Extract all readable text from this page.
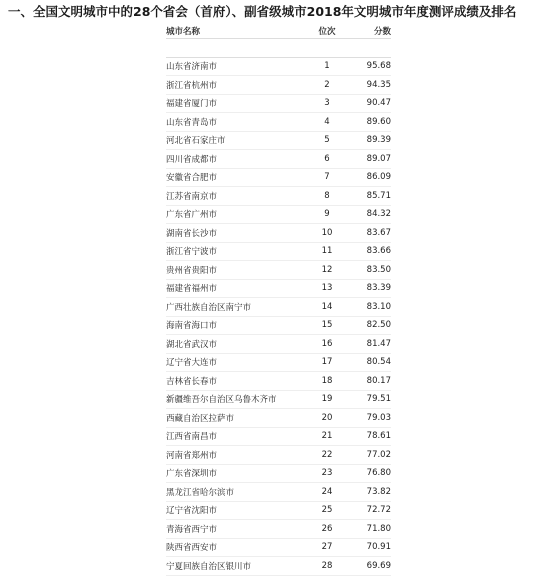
一、全国文明城市中的28个省会（首府）、副省级城市2018年文明城市年度测评成绩及排名
城市名称	位次	分数

山东省济南市	1	95.68
浙江省杭州市	2	94.35
福建省厦门市	3	90.47
山东省青岛市	4	89.60
河北省石家庄市	5	89.39
四川省成都市	6	89.07
安徽省合肥市	7	86.09
江苏省南京市	8	85.71
广东省广州市	9	84.32
湖南省长沙市	10	83.67
浙江省宁波市	11	83.66
贵州省贵阳市	12	83.50
福建省福州市	13	83.39
广西壮族自治区南宁市	14	83.10
海南省海口市	15	82.50
湖北省武汉市	16	81.47
辽宁省大连市	17	80.54
吉林省长春市	18	80.17
新疆维吾尔自治区乌鲁木齐市	19	79.51
西藏自治区拉萨市	20	79.03
江西省南昌市	21	78.61
河南省郑州市	22	77.02
广东省深圳市	23	76.80
黑龙江省哈尔滨市	24	73.82
辽宁省沈阳市	25	72.72
青海省西宁市	26	71.80
陕西省西安市	27	70.91
宁夏回族自治区银川市	28	69.69
